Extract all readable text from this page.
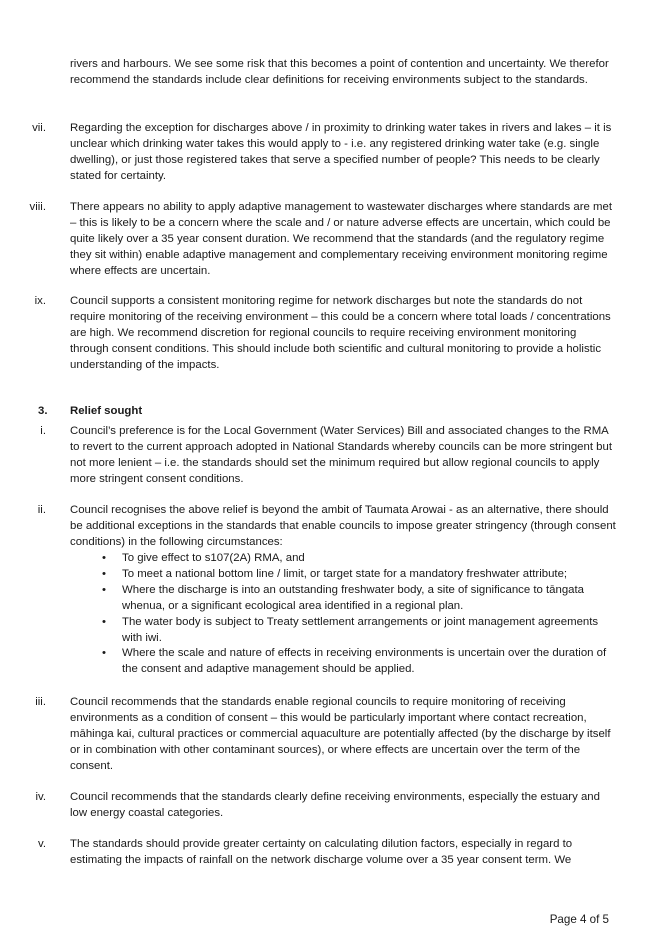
rivers and harbours. We see some risk that this becomes a point of contention and uncertainty. We therefor recommend the standards include clear definitions for receiving environments subject to the standards.

vii. Regarding the exception for discharges above / in proximity to drinking water takes in rivers and lakes – it is unclear which drinking water takes this would apply to - i.e. any registered drinking water take (e.g. single dwelling), or just those registered takes that serve a specified number of people? This needs to be clearly stated for certainty.

viii. There appears no ability to apply adaptive management to wastewater discharges where standards are met – this is likely to be a concern where the scale and / or nature adverse effects are uncertain, which could be quite likely over a 35 year consent duration. We recommend that the standards (and the regulatory regime they sit within) enable adaptive management and complementary receiving environment monitoring regime where effects are uncertain.

ix. Council supports a consistent monitoring regime for network discharges but note the standards do not require monitoring of the receiving environment – this could be a concern where total loads / concentrations are high. We recommend discretion for regional councils to require receiving environment monitoring through consent conditions. This should include both scientific and cultural monitoring to provide a holistic understanding of the impacts.

3. Relief sought

i. Council’s preference is for the Local Government (Water Services) Bill and associated changes to the RMA to revert to the current approach adopted in National Standards whereby councils can be more stringent but not more lenient – i.e. the standards should set the minimum required but allow regional councils to apply more stringent consent conditions.

ii. Council recognises the above relief is beyond the ambit of Taumata Arowai - as an alternative, there should be additional exceptions in the standards that enable councils to impose greater stringency (through consent conditions) in the following circumstances:

• To give effect to s107(2A) RMA, and
• To meet a national bottom line / limit, or target state for a mandatory freshwater attribute;
• Where the discharge is into an outstanding freshwater body, a site of significance to tāngata whenua, or a significant ecological area identified in a regional plan.
• The water body is subject to Treaty settlement arrangements or joint management agreements with iwi.
• Where the scale and nature of effects in receiving environments is uncertain over the duration of the consent and adaptive management should be applied.

iii. Council recommends that the standards enable regional councils to require monitoring of receiving environments as a condition of consent – this would be particularly important where contact recreation, māhinga kai, cultural practices or commercial aquaculture are potentially affected (by the discharge by itself or in combination with other contaminant sources), or where effects are uncertain over the term of the consent.

iv. Council recommends that the standards clearly define receiving environments, especially the estuary and low energy coastal categories.

v. The standards should provide greater certainty on calculating dilution factors, especially in regard to estimating the impacts of rainfall on the network discharge volume over a 35 year consent term. We

Page 4 of 5
